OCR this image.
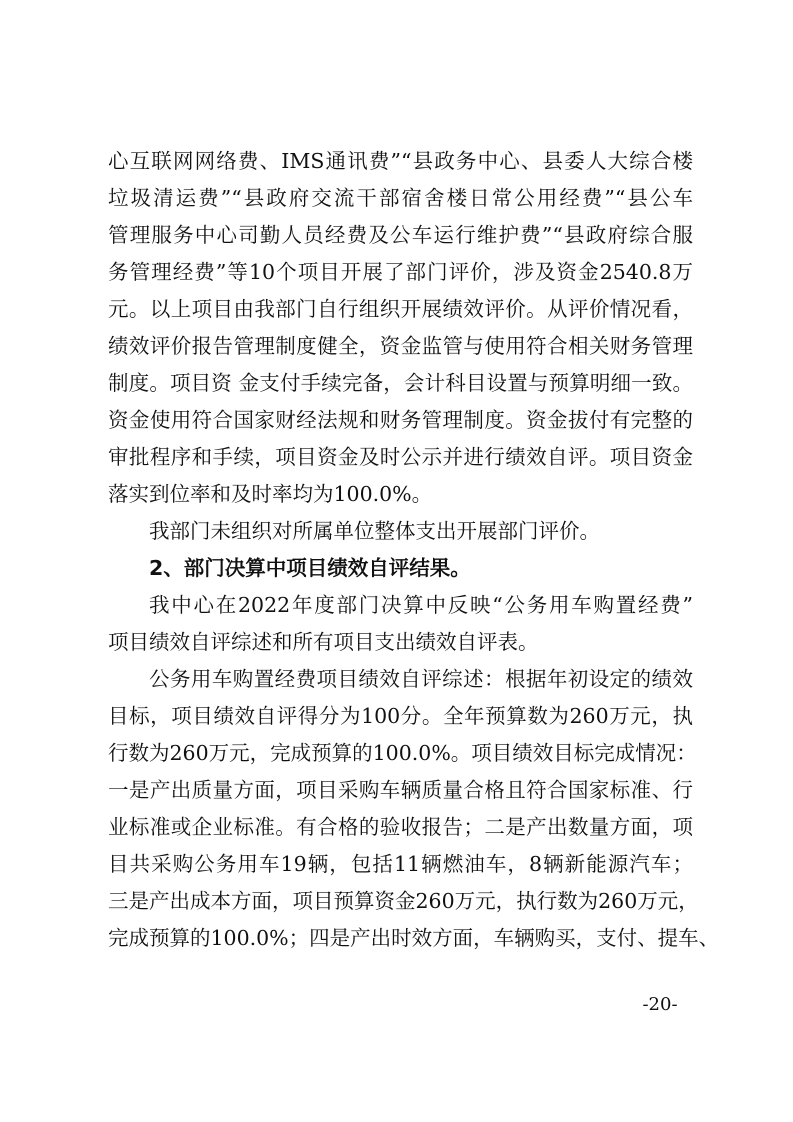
心互联网网络费、IMS通讯费”“县政务中心、县委人大综合楼
垃圾清运费”“县政府交流干部宿舍楼日常公用经费”“县公车
管理服务中心司勤人员经费及公车运行维护费”“县政府综合服
务管理经费”等10个项目开展了部门评价，涉及资金2540.8万
元。以上项目由我部门自行组织开展绩效评价。从评价情况看，
绩效评价报告管理制度健全，资金监管与使用符合相关财务管理
制度。项目资 金支付手续完备，会计科目设置与预算明细一致。
资金使用符合国家财经法规和财务管理制度。资金拔付有完整的
审批程序和手续，项目资金及时公示并进行绩效自评。项目资金
落实到位率和及时率均为100.0%。
我部门未组织对所属单位整体支出开展部门评价。
2、部门决算中项目绩效自评结果。
我中心在2022年度部门决算中反映“公务用车购置经费”
项目绩效自评综述和所有项目支出绩效自评表。
公务用车购置经费项目绩效自评综述：根据年初设定的绩效
目标，项目绩效自评得分为100分。全年预算数为260万元，执
行数为260万元，完成预算的100.0%。项目绩效目标完成情况：
一是产出质量方面，项目采购车辆质量合格且符合国家标准、行
业标准或企业标准。有合格的验收报告；二是产出数量方面，项
目共采购公务用车19辆，包括11辆燃油车，8辆新能源汽车；
三是产出成本方面，项目预算资金260万元，执行数为260万元，
完成预算的100.0%；四是产出时效方面，车辆购买，支付、提车、
-20-
